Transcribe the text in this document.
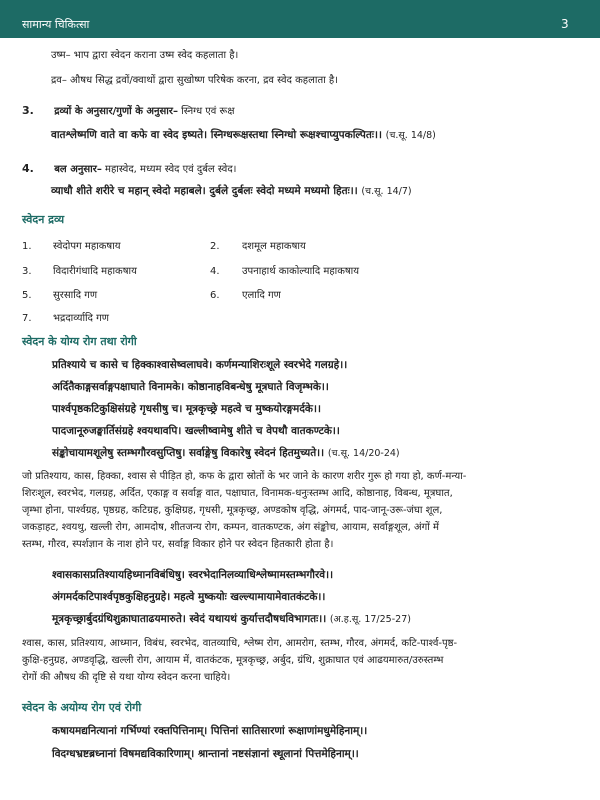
सामान्य चिकित्सा	3
उष्म– भाप द्वारा स्वेदन कराना उष्म स्वेद कहलाता है।
द्रव– औषध सिद्ध द्रवों/क्वाथों द्वारा सुखोष्ण परिषेक करना, द्रव स्वेद कहलाता है।
3. द्रव्यों के अनुसार/गुणों के अनुसार– स्निग्ध एवं रूक्ष
वातश्लेष्मणि वाते वा कफे वा स्वेद इष्यते। स्निग्धरूक्षस्तथा स्निग्धो रूक्षश्चाप्युपकल्पितः।। (च.सू. 14/8)
4. बल अनुसार– महास्वेद, मध्यम स्वेद एवं दुर्बल स्वेद।
व्याधौ शीते शरीरे च महान् स्वेदो महाबले। दुर्बले दुर्बलः स्वेदो मध्यमे मध्यमो हितः।। (च.सू. 14/7)
स्वेदन द्रव्य
1. स्वेदोपग महाकषाय	2. दशमूल महाकषाय
3. विदारीगंधादि महाकषाय	4. उपनाहार्थ काकोल्यादि महाकषाय
5. सुरसादि गण	6. एलादि गण
7. भद्रदार्व्यादि गण
स्वेदन के योग्य रोग तथा रोगी
प्रतिश्याये च कासे च हिक्काश्वासेष्वलाघवे। कर्णमन्याशिरःशूले स्वरभेदे गलग्रहे।।
अर्दितैकाङ्गसर्वाङ्गपक्षाघाते विनामके। कोष्ठानाहविबन्धेषु मूत्रघाते विजृम्भके।।
पार्श्वपृष्ठकटिकुक्षिसंग्रहे गृधसीषु च। मूत्रकृच्छ्रे महत्वे च मुष्कयोरङ्गमर्दके।।
पादजानूरुजङ्घार्तिसंग्रहे श्वयथावपि। खल्लीष्वामेषु शीते च वेपथौ वातकण्टके।।
संङ्कोचायामशूलेषु स्तम्भगौरवसुप्तिषु। सर्वाङ्गेषु विकारेषु स्वेदनं हितमुच्यते।। (च.सू. 14/20-24)
जो प्रतिश्याय, कास, हिक्का, श्वास से पीड़ित हो, कफ के द्वारा स्रोतों के भर जाने के कारण शरीर गुरू हो गया हो, कर्ण-मन्या-
शिरःशूल, स्वरभेद, गलग्रह, अर्दित, एकाङ्ग व सर्वाङ्ग वात, पक्षाघात, विनामक-धनुःस्तम्भ आदि, कोष्ठानाह, विबन्ध, मूत्रघात,
जृम्भा होना, पार्श्वग्रह, पृष्ठग्रह, कटिग्रह, कुक्षिग्रह, गृधसी, मूत्रकृच्छ्र, अण्डकोष वृद्धि, अंगमर्द, पाद-जानू-उरू-जंघा शूल,
जकड़ाहट, श्वयथु, खल्ली रोग, आमदोष, शीतजन्य रोग, कम्पन, वातकण्टक, अंग संङ्कोच, आयाम, सर्वाङ्गशूल, अंगों में
स्तम्भ, गौरव, स्पर्शज्ञान के नाश होने पर, सर्वाङ्ग विकार होने पर स्वेदन हितकारी होता है।
श्वासकासप्रतिश्यायहिध्मानविबंधिषु। स्वरभेदानिलव्याधिश्लेष्मामस्तम्भगौरवे।।
अंगमर्दकटिपार्श्वपृष्ठकुक्षिहनुग्रहे। महत्वे मुष्कयोः खल्ल्यामायामेवातकंटके।।
मूत्रकृच्छ्रार्बुदग्रंथिशुक्राघाताढयमारुते। स्वेदं यथायथं कुर्यात्तदौषधविभागतः।। (अ.ह.सू. 17/25-27)
श्वास, कास, प्रतिश्याय, आध्मान, विबंध, स्वरभेद, वातव्याधि, श्लेष्म रोग, आमरोग, स्तम्भ, गौरव, अंगमर्द, कटि-पार्श्व-पृष्ठ-
कुक्षि-हनुग्रह, अण्डवृद्धि, खल्ली रोग, आयाम में, वातकंटक, मूत्रकृच्छ्र, अर्बुद, ग्रंथि, शुक्राघात एवं आढयमारुत/उरुस्तम्भ
रोगों की औषध की दृष्टि से यथा योग्य स्वेदन करना चाहिये।
स्वेदन के अयोग्य रोग एवं रोगी
कषायमद्यनित्यानां गर्भिण्यां रक्तपित्तिनाम्। पित्तिनां सातिसारणां रूक्षाणांमधुमेहिनाम्।।
विदग्धभ्रष्टब्रध्नानां विषमद्यविकारिणाम्। श्रान्तानां नष्टसंज्ञानां स्थूलानां पित्तमेहिनाम्।।
